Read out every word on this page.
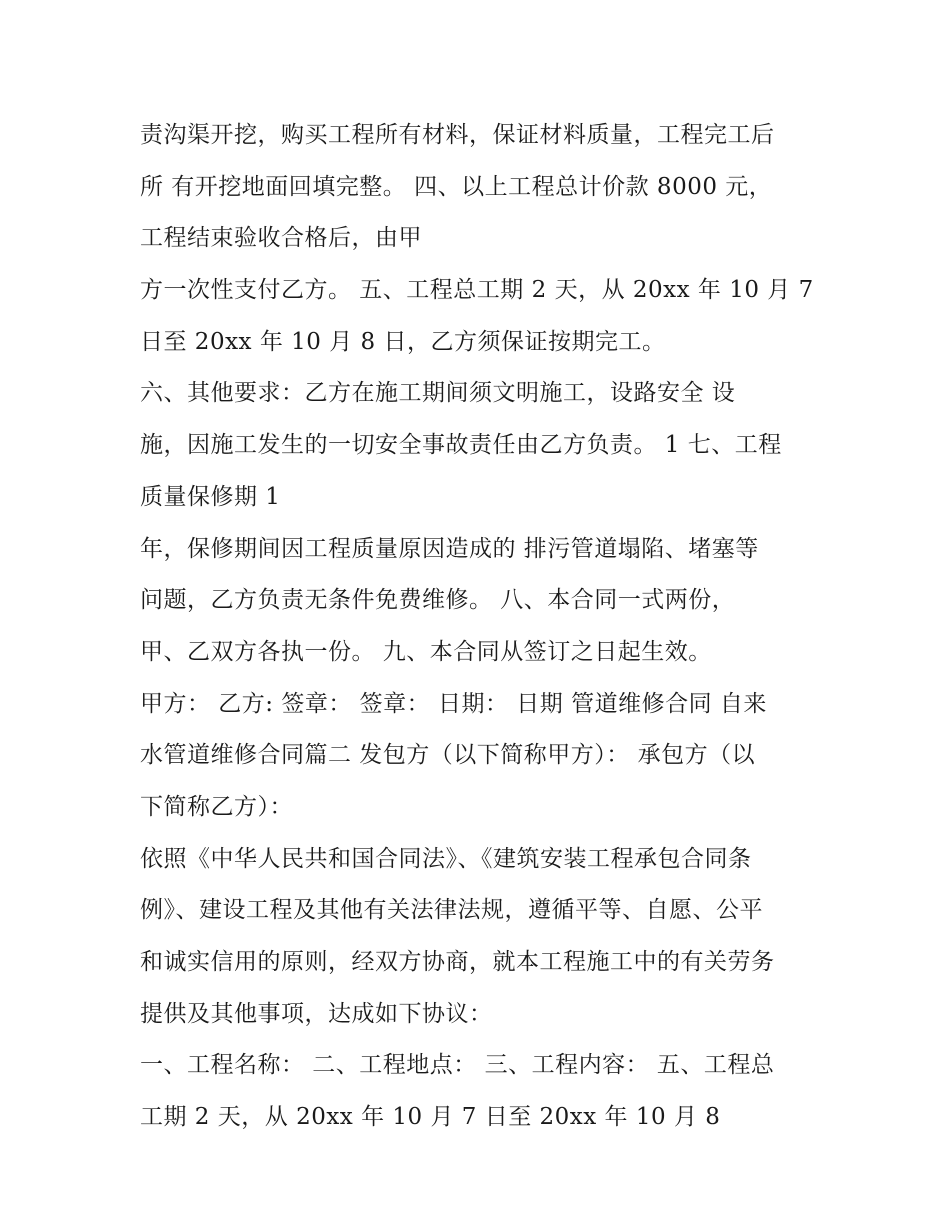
责沟渠开挖，购买工程所有材料，保证材料质量，工程完工后
所 有开挖地面回填完整。 四、以上工程总计价款 8000 元，
工程结束验收合格后，由甲
方一次性支付乙方。 五、工程总工期 2 天，从 20xx 年 10 月 7
日至 20xx 年 10 月 8 日，乙方须保证按期完工。
六、其他要求：乙方在施工期间须文明施工，设路安全 设
施，因施工发生的一切安全事故责任由乙方负责。 1 七、工程
质量保修期 1
年，保修期间因工程质量原因造成的 排污管道塌陷、堵塞等
问题，乙方负责无条件免费维修。 八、本合同一式两份，
甲、乙双方各执一份。 九、本合同从签订之日起生效。
甲方： 乙方: 签章： 签章： 日期： 日期 管道维修合同 自来
水管道维修合同篇二 发包方（以下简称甲方）： 承包方（以
下简称乙方）：
依照《中华人民共和国合同法》、《建筑安装工程承包合同条
例》、建设工程及其他有关法律法规，遵循平等、自愿、公平
和诚实信用的原则，经双方协商，就本工程施工中的有关劳务
提供及其他事项，达成如下协议：
一、工程名称： 二、工程地点： 三、工程内容： 五、工程总
工期 2 天，从 20xx 年 10 月 7 日至 20xx 年 10 月 8
